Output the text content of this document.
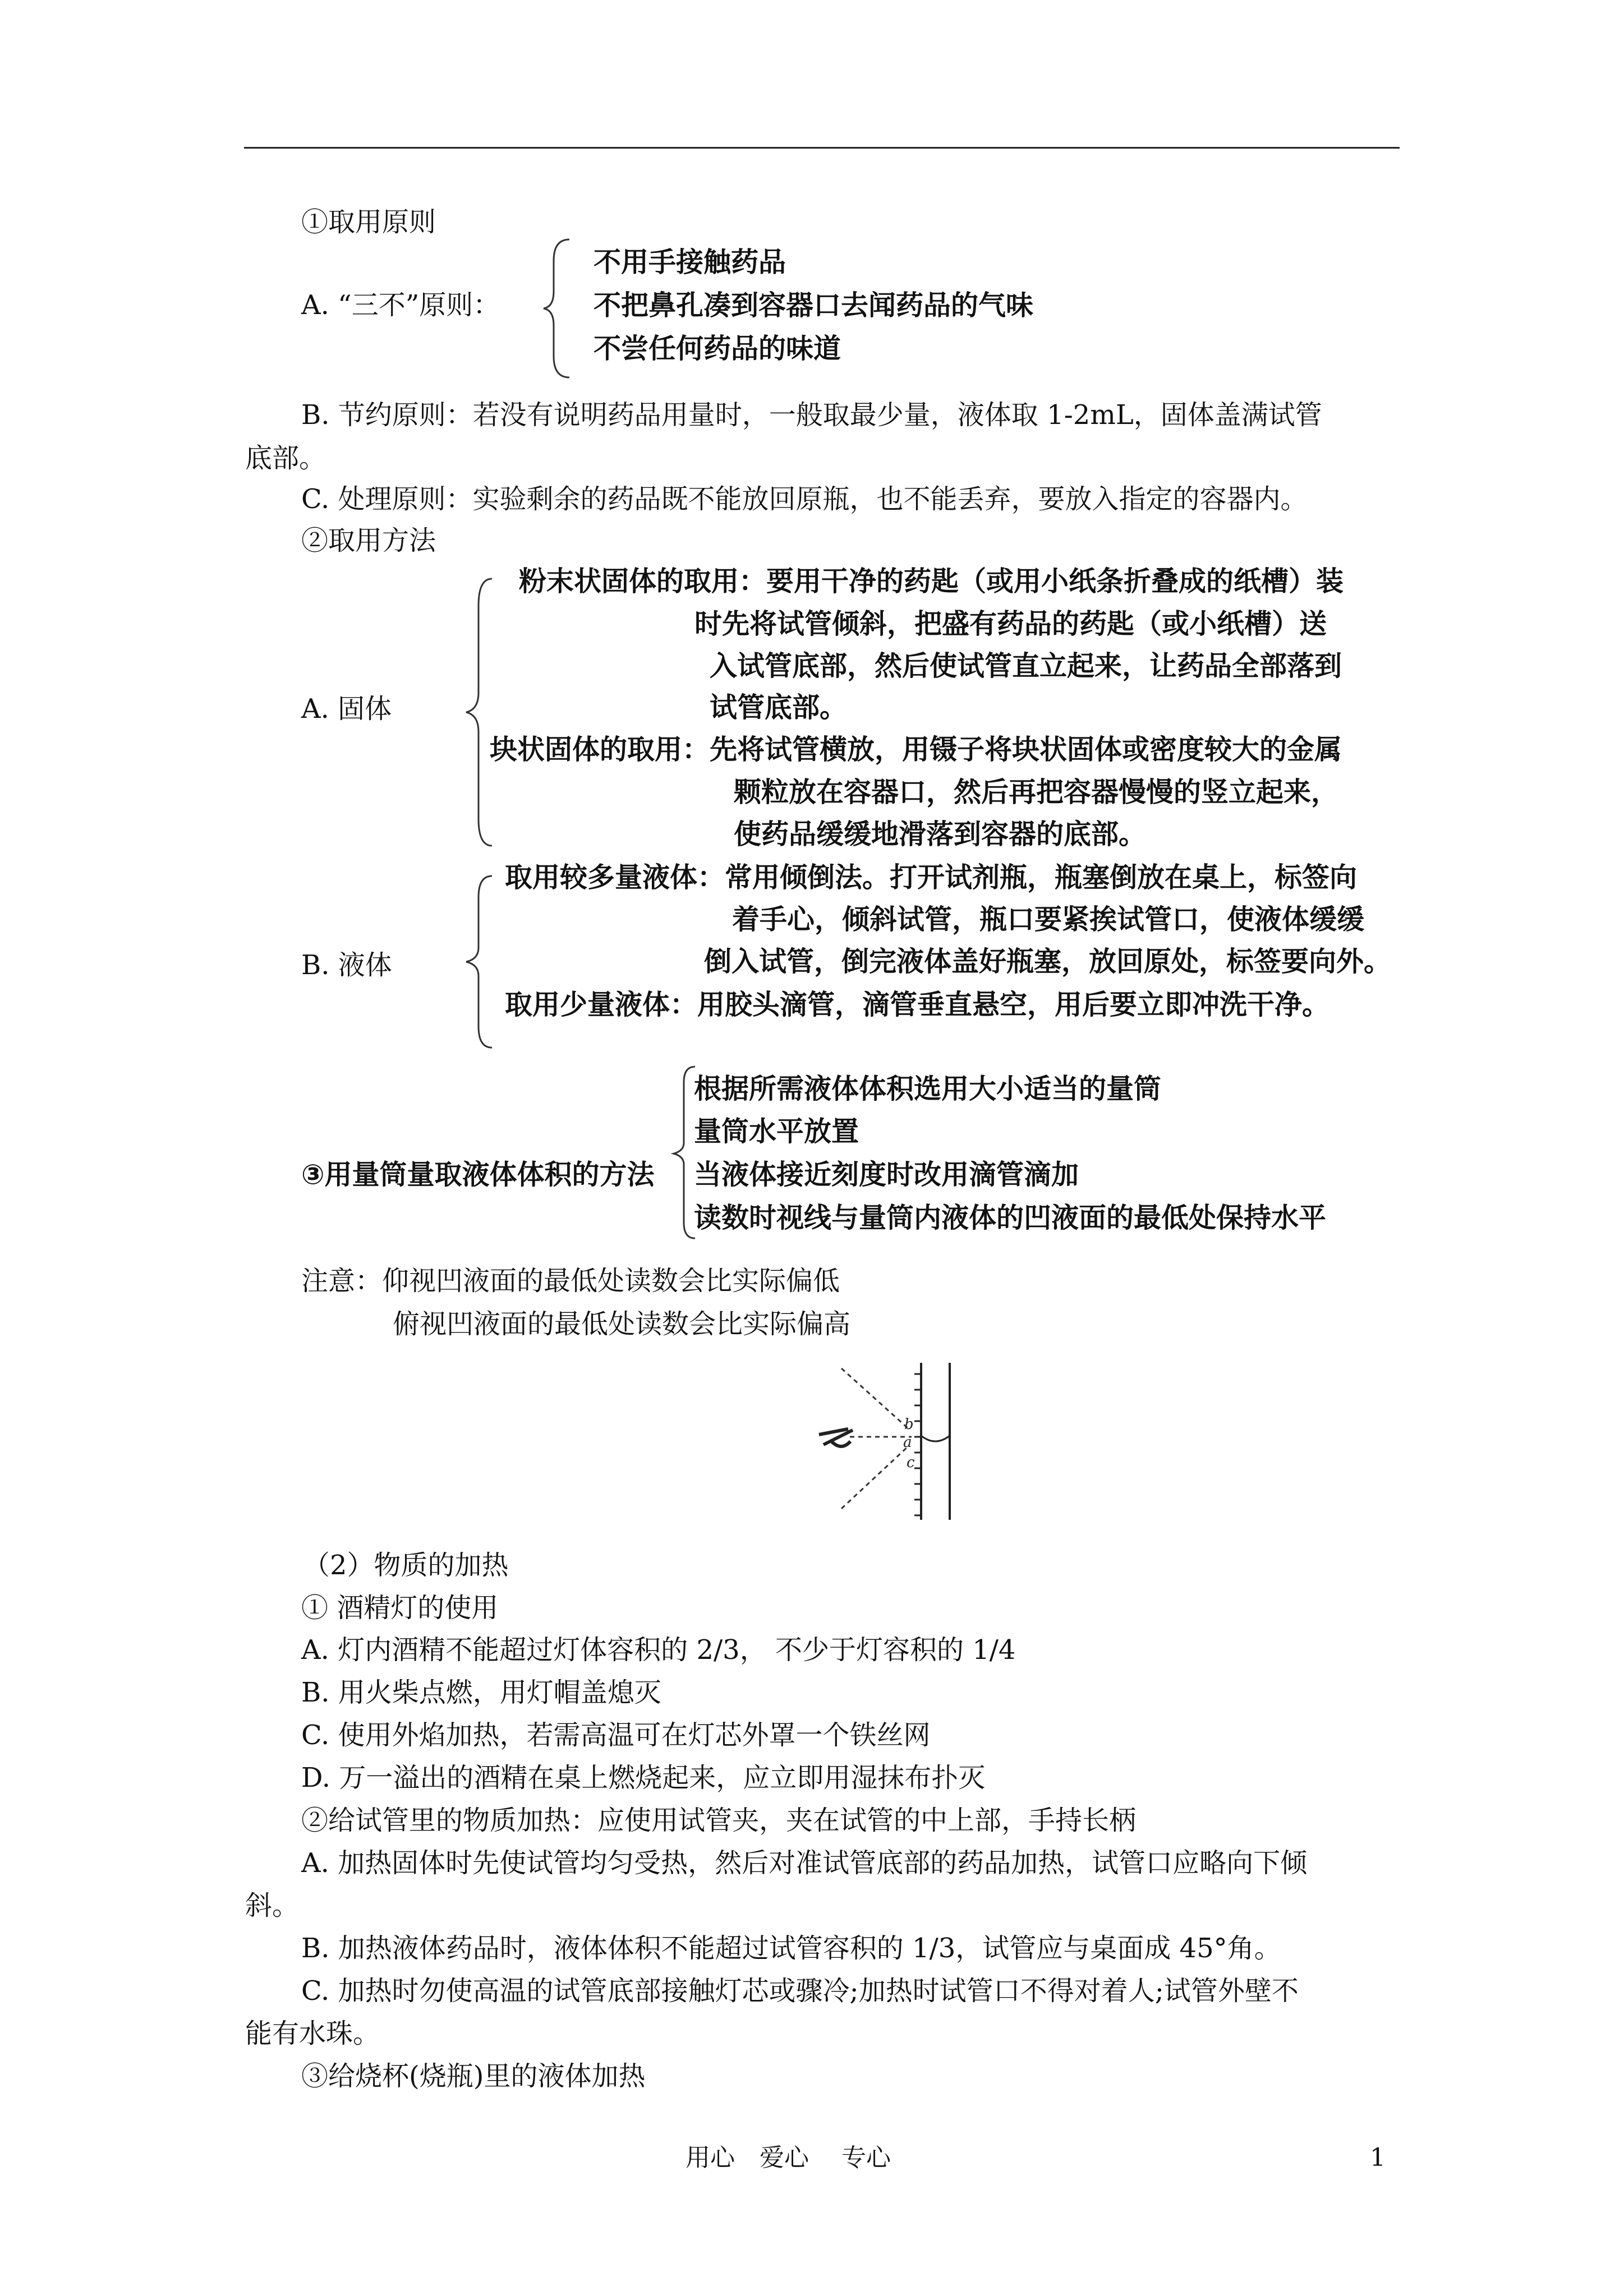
①取用原则
A. “三不”原则：
不用手接触药品
不把鼻孔凑到容器口去闻药品的气味
不尝任何药品的味道
B. 节约原则：若没有说明药品用量时，一般取最少量，液体取 1-2mL，固体盖满试管
底部。
C. 处理原则：实验剩余的药品既不能放回原瓶，也不能丢弃，要放入指定的容器内。
②取用方法
A. 固体
粉末状固体的取用：要用干净的药匙（或用小纸条折叠成的纸槽）装
时先将试管倾斜，把盛有药品的药匙（或小纸槽）送
入试管底部，然后使试管直立起来，让药品全部落到
试管底部。
块状固体的取用：先将试管横放，用镊子将块状固体或密度较大的金属
颗粒放在容器口，然后再把容器慢慢的竖立起来，
使药品缓缓地滑落到容器的底部。
B. 液体
取用较多量液体：常用倾倒法。打开试剂瓶，瓶塞倒放在桌上，标签向
着手心，倾斜试管，瓶口要紧挨试管口，使液体缓缓
倒入试管，倒完液体盖好瓶塞，放回原处，标签要向外。
取用少量液体：用胶头滴管，滴管垂直悬空，用后要立即冲洗干净。
③用量筒量取液体体积的方法
根据所需液体体积选用大小适当的量筒
量筒水平放置
当液体接近刻度时改用滴管滴加
读数时视线与量筒内液体的凹液面的最低处保持水平
注意：仰视凹液面的最低处读数会比实际偏低
俯视凹液面的最低处读数会比实际偏高
b
a
c
（2）物质的加热
① 酒精灯的使用
A. 灯内酒精不能超过灯体容积的 2/3， 不少于灯容积的 1/4
B. 用火柴点燃，用灯帽盖熄灭
C. 使用外焰加热，若需高温可在灯芯外罩一个铁丝网
D. 万一溢出的酒精在桌上燃烧起来，应立即用湿抹布扑灭
②给试管里的物质加热：应使用试管夹，夹在试管的中上部，手持长柄
A. 加热固体时先使试管均匀受热，然后对准试管底部的药品加热，试管口应略向下倾
斜。
B. 加热液体药品时，液体体积不能超过试管容积的 1/3，试管应与桌面成 45°角。
C. 加热时勿使高温的试管底部接触灯芯或骤冷;加热时试管口不得对着人;试管外壁不
能有水珠。
③给烧杯(烧瓶)里的液体加热
用心　爱心　 专心	1
